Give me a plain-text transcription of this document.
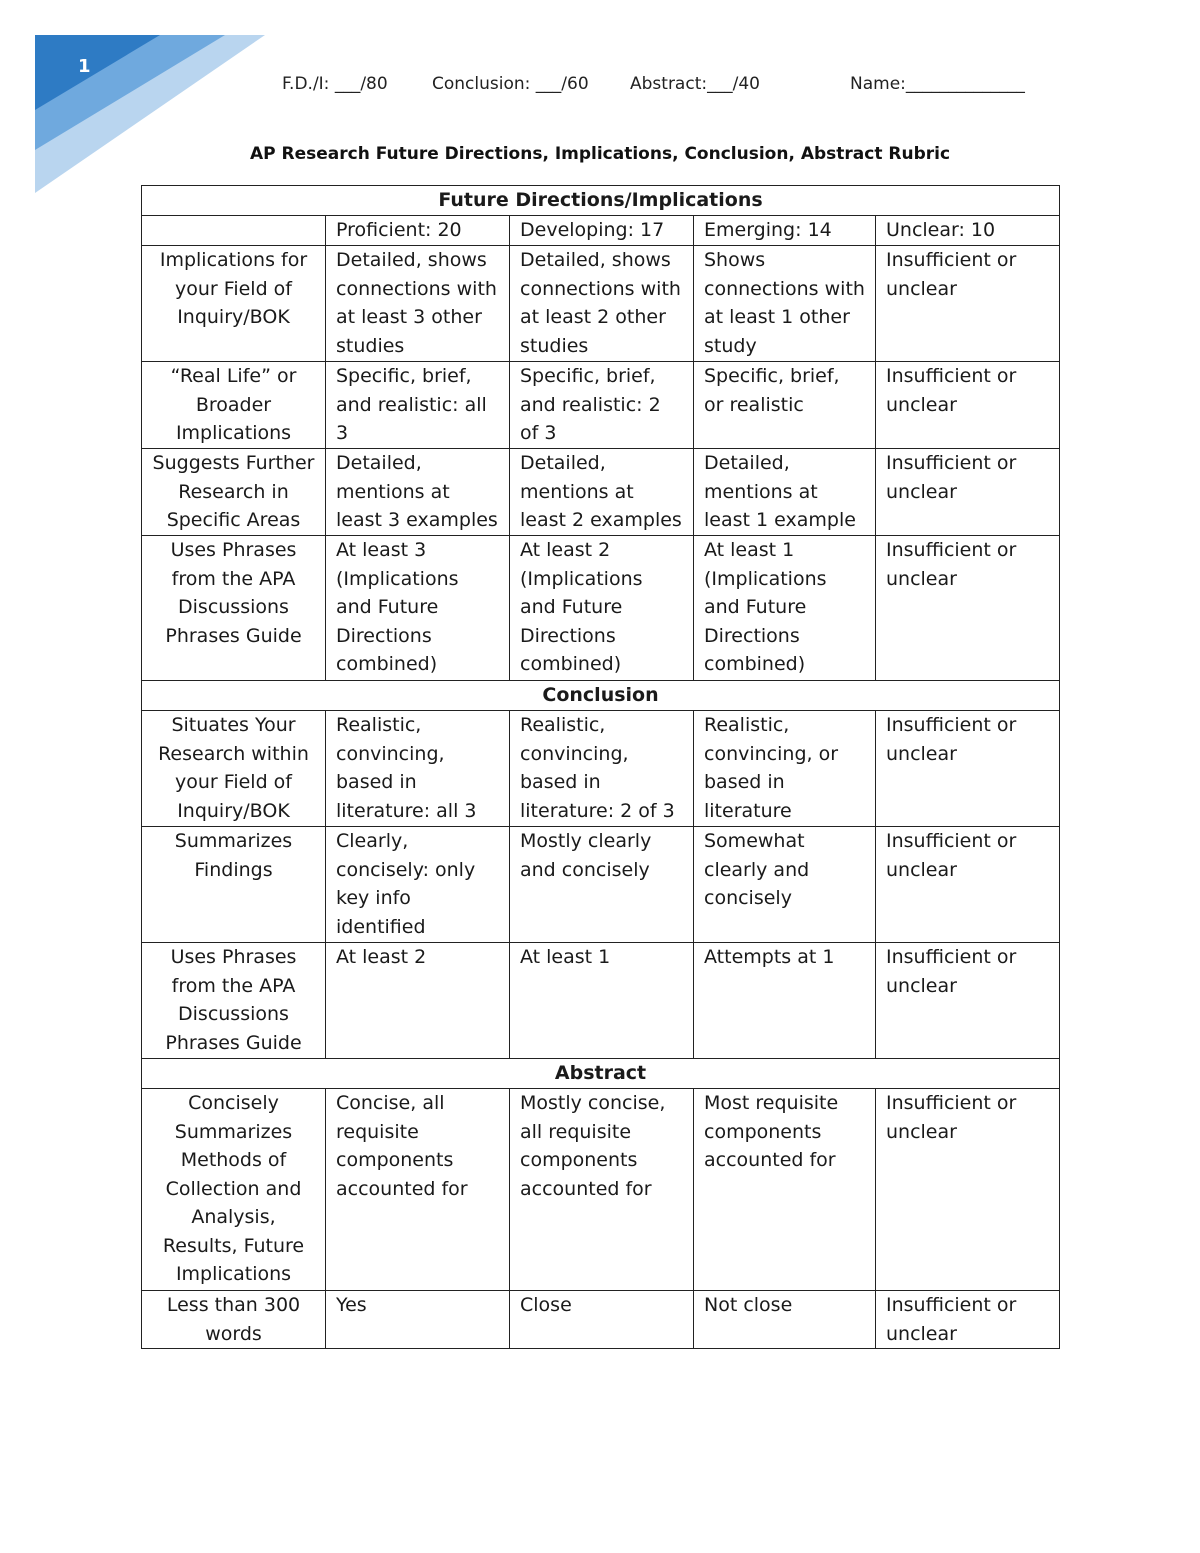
1

F.D./I: ___/80

	Conclusion: ___/60

Abstract:___/40

	Name:______________

AP Research Future Directions, Implications, Conclusion, Abstract Rubric
Future Directions/Implications				
	Proficient: 20	Developing: 17	Emerging: 14	Unclear: 10
Implications for your Field of Inquiry/BOK	Detailed, shows connections with at least 3 other studies	Detailed, shows connections with at least 2 other studies	Shows connections with at least 1 other study	Insufficient or unclear
“Real Life” or Broader Implications	Specific, brief, and realistic: all 3	Specific, brief, and realistic: 2 of 3	Specific, brief, or realistic	Insufficient or unclear
Suggests Further Research in Specific Areas	Detailed, mentions at least 3 examples	Detailed, mentions at least 2 examples	Detailed, mentions at least 1 example	Insufficient or unclear
Uses Phrases from the APA Discussions Phrases Guide	At least 3 (Implications and Future Directions combined)	At least 2 (Implications and Future Directions combined)	At least 1 (Implications and Future Directions combined)	Insufficient or unclear
Conclusion				
Situates Your Research within your Field of Inquiry/BOK	Realistic, convincing, based in literature: all 3	Realistic, convincing, based in literature: 2 of 3	Realistic, convincing, or based in literature	Insufficient or unclear
Summarizes Findings	Clearly, concisely: only key info identified	Mostly clearly and concisely	Somewhat clearly and concisely	Insufficient or unclear
Uses Phrases from the APA Discussions Phrases Guide	At least 2	At least 1	Attempts at 1	Insufficient or unclear
Abstract				
Concisely Summarizes Methods of Collection and Analysis, Results, Future Implications	Concise, all requisite components accounted for	Mostly concise, all requisite components accounted for	Most requisite components accounted for	Insufficient or unclear
Less than 300 words	Yes	Close	Not close	Insufficient or unclear
